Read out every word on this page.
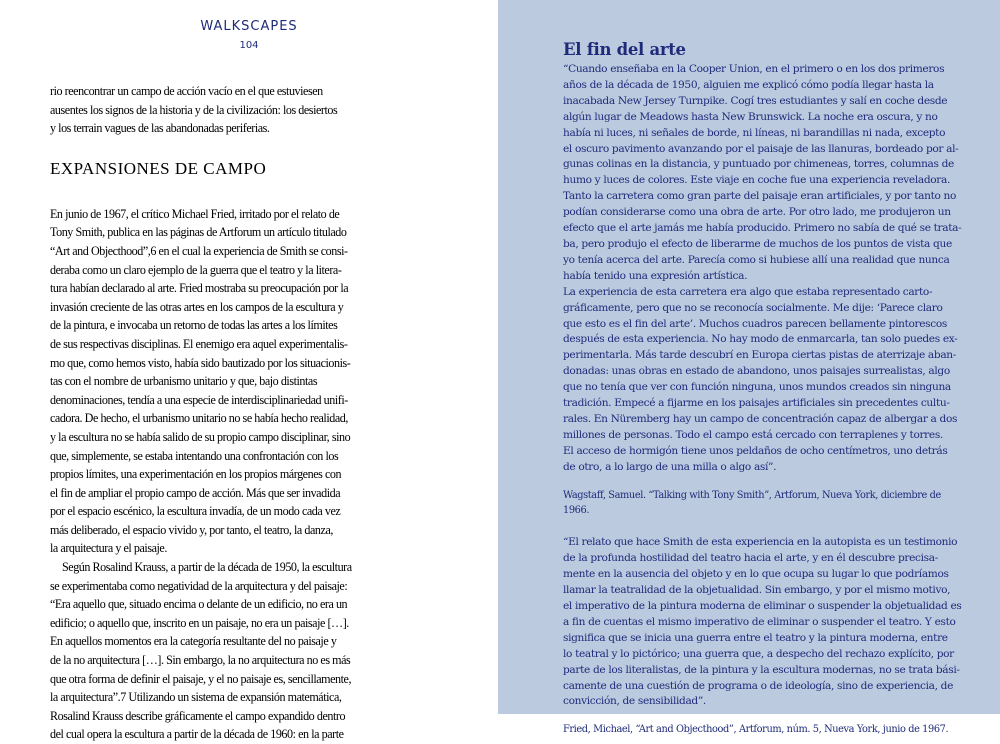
WALKSCAPES
104

rio reencontrar un campo de acción vacío en el que estuviesen
ausentes los signos de la historia y de la civilización: los desiertos
y los terrain vagues de las abandonadas periferias.

EXPANSIONES DE CAMPO

En junio de 1967, el crítico Michael Fried, irritado por el relato de
Tony Smith, publica en las páginas de Artforum un artículo titulado
“Art and Objecthood”,6 en el cual la experiencia de Smith se consi-
deraba como un claro ejemplo de la guerra que el teatro y la litera-
tura habían declarado al arte. Fried mostraba su preocupación por la
invasión creciente de las otras artes en los campos de la escultura y
de la pintura, e invocaba un retorno de todas las artes a los límites
de sus respectivas disciplinas. El enemigo era aquel experimentalis-
mo que, como hemos visto, había sido bautizado por los situacionis-
tas con el nombre de urbanismo unitario y que, bajo distintas
denominaciones, tendía a una especie de interdisciplinariedad unifi-
cadora. De hecho, el urbanismo unitario no se había hecho realidad,
y la escultura no se había salido de su propio campo disciplinar, sino
que, simplemente, se estaba intentando una confrontación con los
propios límites, una experimentación en los propios márgenes con
el fin de ampliar el propio campo de acción. Más que ser invadida
por el espacio escénico, la escultura invadía, de un modo cada vez
más deliberado, el espacio vivido y, por tanto, el teatro, la danza,
la arquitectura y el paisaje.

Según Rosalind Krauss, a partir de la década de 1950, la escultura
se experimentaba como negatividad de la arquitectura y del paisaje:
“Era aquello que, situado encima o delante de un edificio, no era un
edificio; o aquello que, inscrito en un paisaje, no era un paisaje […].
En aquellos momentos era la categoría resultante del no paisaje y
de la no arquitectura […]. Sin embargo, la no arquitectura no es más
que otra forma de definir el paisaje, y el no paisaje es, sencillamente,
la arquitectura”.7 Utilizando un sistema de expansión matemática,
Rosalind Krauss describe gráficamente el campo expandido dentro
del cual opera la escultura a partir de la década de 1960: en la parte

El fin del arte

“Cuando enseñaba en la Cooper Union, en el primero o en los dos primeros
años de la década de 1950, alguien me explicó cómo podía llegar hasta la
inacabada New Jersey Turnpike. Cogí tres estudiantes y salí en coche desde
algún lugar de Meadows hasta New Brunswick. La noche era oscura, y no
había ni luces, ni señales de borde, ni líneas, ni barandillas ni nada, excepto
el oscuro pavimento avanzando por el paisaje de las llanuras, bordeado por al-
gunas colinas en la distancia, y puntuado por chimeneas, torres, columnas de
humo y luces de colores. Este viaje en coche fue una experiencia reveladora.
Tanto la carretera como gran parte del paisaje eran artificiales, y por tanto no
podían considerarse como una obra de arte. Por otro lado, me produjeron un
efecto que el arte jamás me había producido. Primero no sabía de qué se trata-
ba, pero produjo el efecto de liberarme de muchos de los puntos de vista que
yo tenía acerca del arte. Parecía como si hubiese allí una realidad que nunca
había tenido una expresión artística.
La experiencia de esta carretera era algo que estaba representado carto-
gráficamente, pero que no se reconocía socialmente. Me dije: ‘Parece claro
que esto es el fin del arte’. Muchos cuadros parecen bellamente pintorescos
después de esta experiencia. No hay modo de enmarcarla, tan solo puedes ex-
perimentarla. Más tarde descubrí en Europa ciertas pistas de aterrizaje aban-
donadas: unas obras en estado de abandono, unos paisajes surrealistas, algo
que no tenía que ver con función ninguna, unos mundos creados sin ninguna
tradición. Empecé a fijarme en los paisajes artificiales sin precedentes cultu-
rales. En Nüremberg hay un campo de concentración capaz de albergar a dos
millones de personas. Todo el campo está cercado con terraplenes y torres.
El acceso de hormigón tiene unos peldaños de ocho centímetros, uno detrás
de otro, a lo largo de una milla o algo así”.

Wagstaff, Samuel. “Talking with Tony Smith”, Artforum, Nueva York, diciembre de 1966.

“El relato que hace Smith de esta experiencia en la autopista es un testimonio
de la profunda hostilidad del teatro hacia el arte, y en él descubre precisa-
mente en la ausencia del objeto y en lo que ocupa su lugar lo que podríamos
llamar la teatralidad de la objetualidad. Sin embargo, y por el mismo motivo,
el imperativo de la pintura moderna de eliminar o suspender la objetualidad es
a fin de cuentas el mismo imperativo de eliminar o suspender el teatro. Y esto
significa que se inicia una guerra entre el teatro y la pintura moderna, entre
lo teatral y lo pictórico; una guerra que, a despecho del rechazo explícito, por
parte de los literalistas, de la pintura y la escultura modernas, no se trata bási-
camente de una cuestión de programa o de ideología, sino de experiencia, de
convicción, de sensibilidad”.

Fried, Michael, “Art and Objecthood”, Artforum, núm. 5, Nueva York, junio de 1967.
